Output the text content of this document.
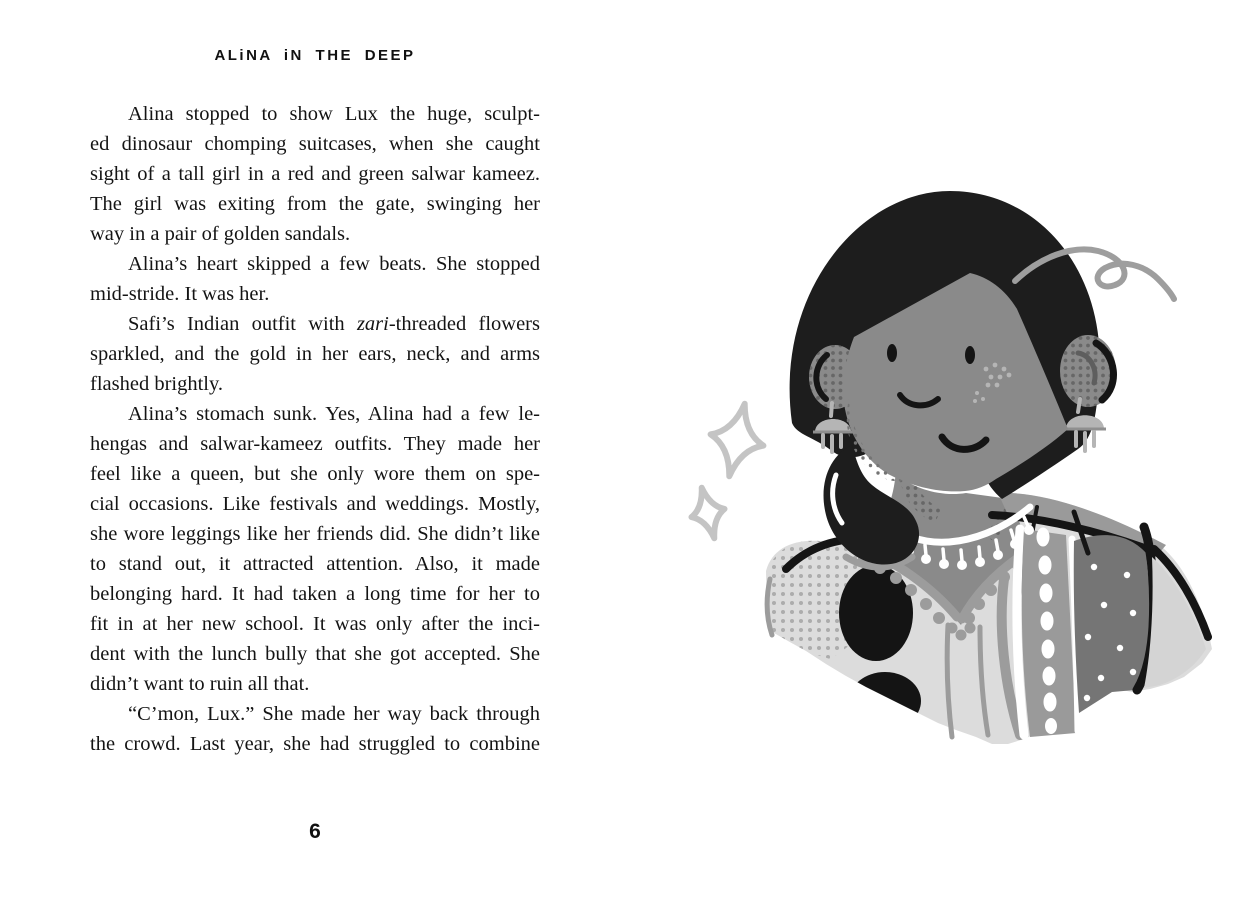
ALiNA iN THE DEEP
Alina stopped to show Lux the huge, sculpt-
ed dinosaur chomping suitcases, when she caught
sight of a tall girl in a red and green salwar kameez.
The girl was exiting from the gate, swinging her
way in a pair of golden sandals.
Alina’s heart skipped a few beats. She stopped
mid-stride. It was her.
Safi’s Indian outfit with zari-threaded flowers
sparkled, and the gold in her ears, neck, and arms
flashed brightly.
Alina’s stomach sunk. Yes, Alina had a few le-
hengas and salwar-kameez outfits. They made her
feel like a queen, but she only wore them on spe-
cial occasions. Like festivals and weddings. Mostly,
she wore leggings like her friends did. She didn’t like
to stand out, it attracted attention. Also, it made
belonging hard. It had taken a long time for her to
fit in at her new school. It was only after the inci-
dent with the lunch bully that she got accepted. She
didn’t want to ruin all that.
“C’mon, Lux.” She made her way back through
the crowd. Last year, she had struggled to combine
6
